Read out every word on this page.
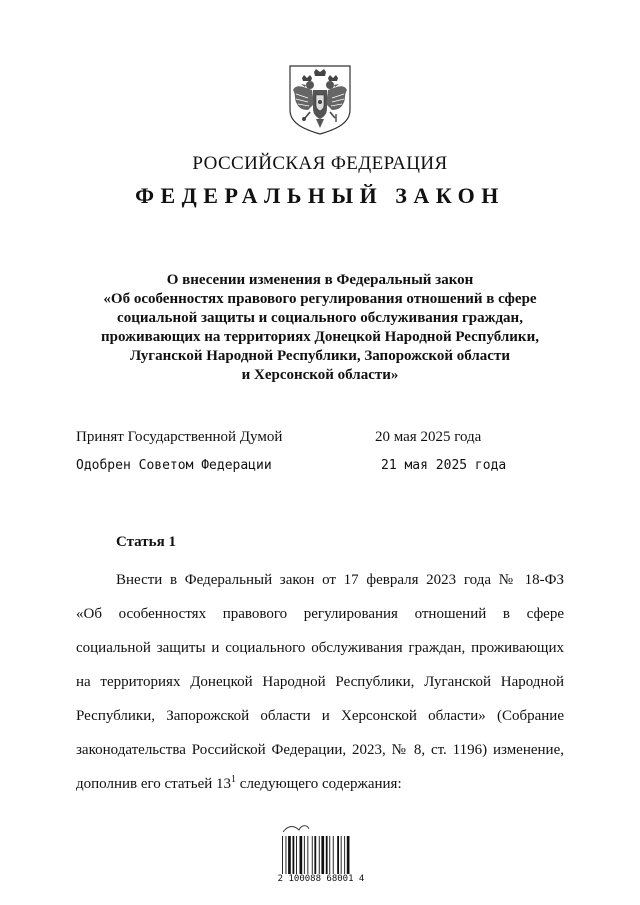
РОССИЙСКАЯ ФЕДЕРАЦИЯ
ФЕДЕРАЛЬНЫЙ ЗАКОН
О внесении изменения в Федеральный закон
«Об особенностях правового регулирования отношений в сфере
социальной защиты и социального обслуживания граждан,
проживающих на территориях Донецкой Народной Республики,
Луганской Народной Республики, Запорожской области
и Херсонской области»
Принят Государственной Думой	20 мая 2025 года
Одобрен Советом Федерации	21 мая 2025 года
Статья 1
Внести в Федеральный закон от 17 февраля 2023 года № 18-ФЗ
«Об особенностях правового регулирования отношений в сфере
социальной защиты и социального обслуживания граждан, проживающих
на территориях Донецкой Народной Республики, Луганской Народной
Республики, Запорожской области и Херсонской области» (Собрание
законодательства Российской Федерации, 2023, № 8, ст. 1196) изменение,
дополнив его статьей $13^1$ следующего содержания:
2 100088 68001 4
